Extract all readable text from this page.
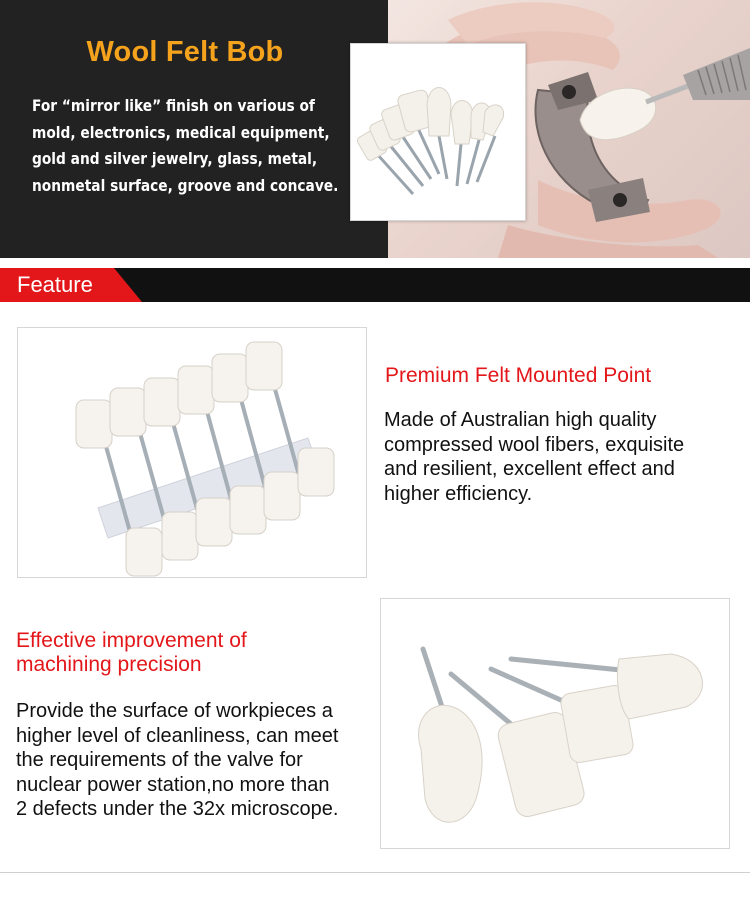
Wool Felt Bob
For “mirror like” finish on various of
mold, electronics, medical equipment,
gold and silver jewelry, glass, metal,
nonmetal surface, groove and concave.
Feature
Premium Felt Mounted Point
Made of Australian high quality
compressed wool fibers, exquisite
and resilient, excellent effect and
higher efficiency.
Effective improvement of
machining precision
Provide the surface of workpieces a
higher level of cleanliness, can meet
the requirements of the valve for
nuclear power station,no more than
2 defects under the 32x microscope.
